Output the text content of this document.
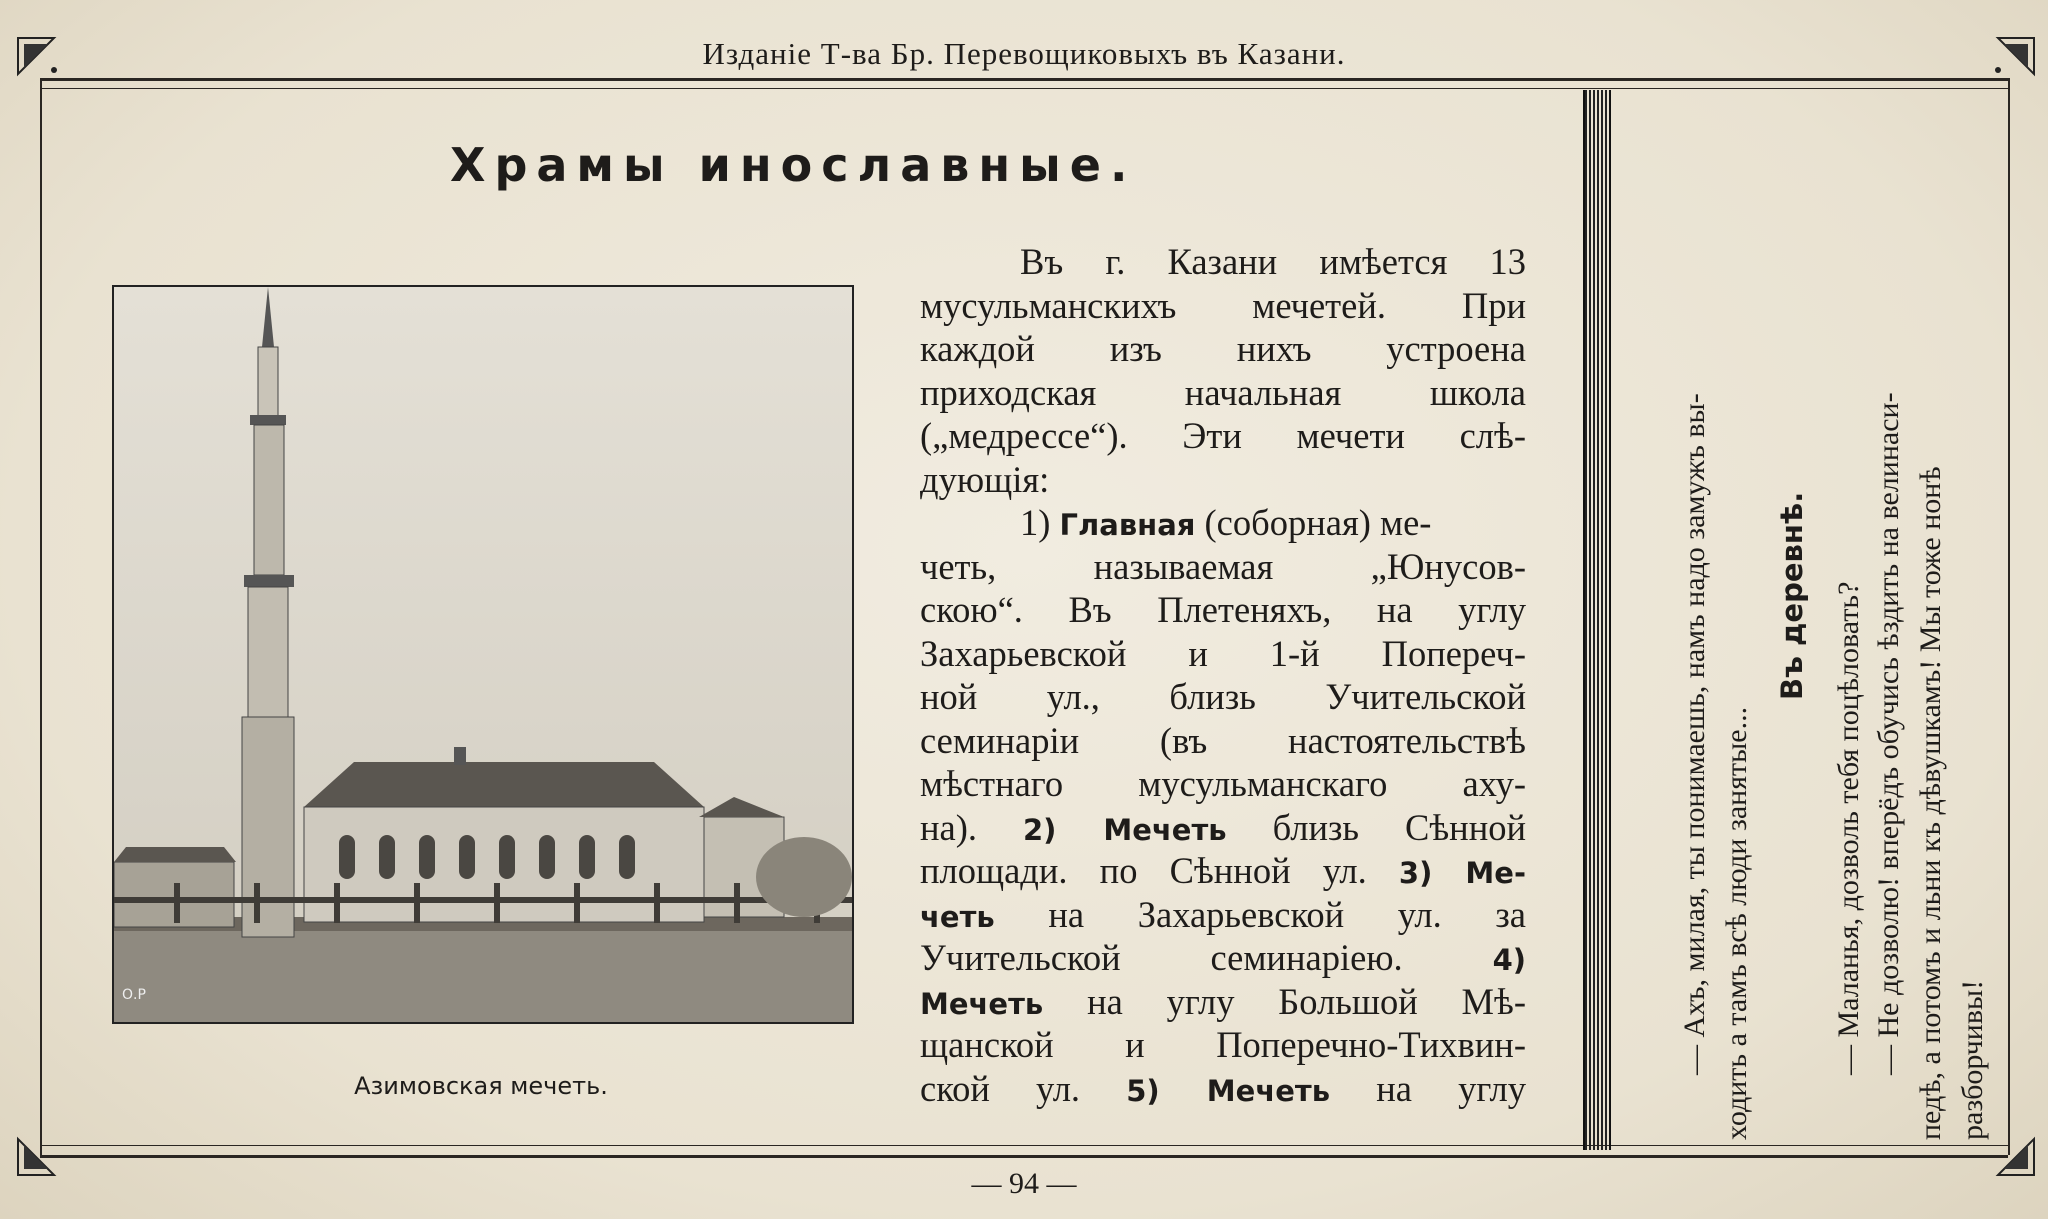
Изданіе Т-ва Бр. Перевощиковыхъ въ Казани.
Храмы инославные.
О.Р
Азимовская мечеть.
Въ г. Казани имѣется 13
мусульманскихъ мечетей. При
каждой изъ нихъ устроена
приходская начальная школа
(„медрессе“). Эти мечети слѣ-
дующія:
1) Главная (соборная) ме-
четь, называемая „Юнусов-
скою“. Въ Плетеняхъ, на углу
Захарьевской и 1-й Попереч-
ной ул., близь Учительской
семинаріи (въ настоятельствѣ
мѣстнаго мусульманскаго аху-
на). 2) Мечеть близь Сѣнной
площади. по Сѣнной ул. 3) Ме-
четь на Захарьевской ул. за
Учительской семинаріею. 4)
Мечеть на углу Большой Мѣ-
щанской и Поперечно-Тихвин-
ской ул. 5) Мечеть на углу
— Ахъ, милая, ты понимаешь, намъ надо замужъ вы- ходить а тамъ всѣ люди занятые...
Въ деревнѣ. — Маланья, дозволь тебя поцѣловать? — Не дозволю! вперёдъ обучись ѣздить на велинаси- педѣ, а потомъ и льни къ дѣвушкамъ! Мы тоже нонѣ разборчивы!
— 94 —
